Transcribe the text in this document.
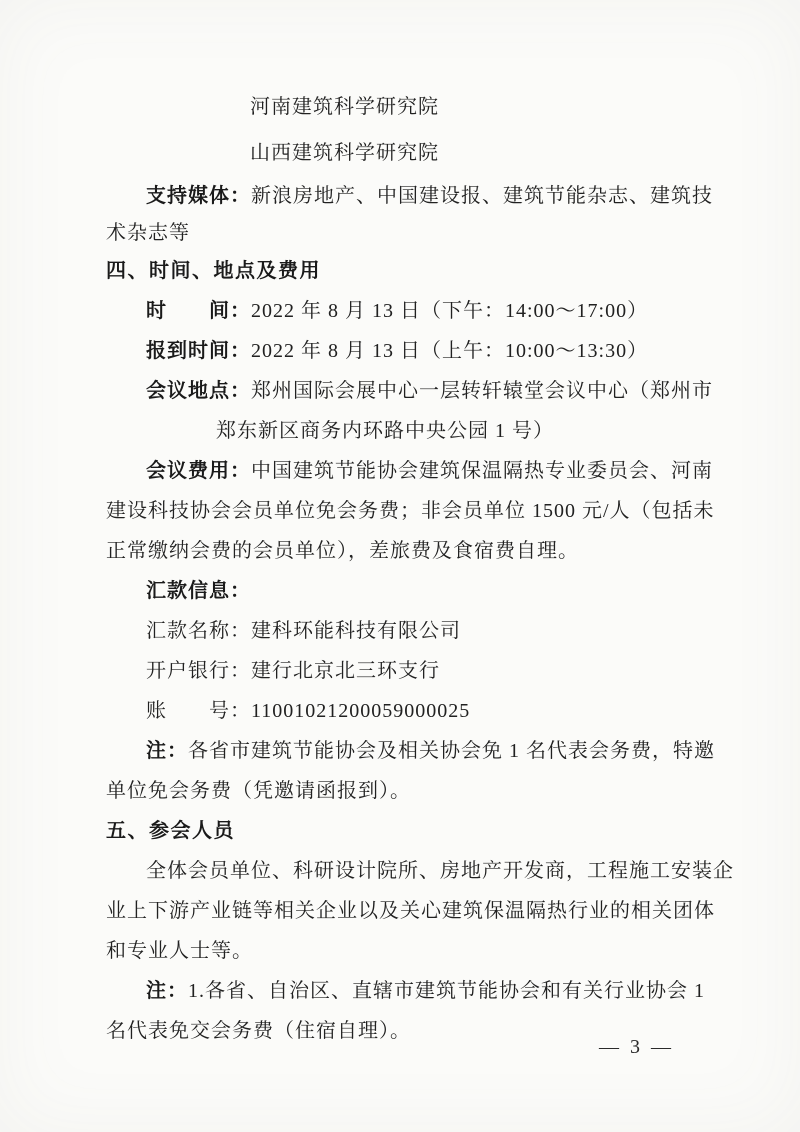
河南建筑科学研究院
山西建筑科学研究院
支持媒体：新浪房地产、中国建设报、建筑节能杂志、建筑技
术杂志等
四、时间、地点及费用
时　　间：2022 年 8 月 13 日（下午：14:00～17:00）
报到时间：2022 年 8 月 13 日（上午：10:00～13:30）
会议地点：郑州国际会展中心一层转轩辕堂会议中心（郑州市
郑东新区商务内环路中央公园 1 号）
会议费用：中国建筑节能协会建筑保温隔热专业委员会、河南
建设科技协会会员单位免会务费；非会员单位 1500 元/人（包括未
正常缴纳会费的会员单位），差旅费及食宿费自理。
汇款信息：
汇款名称：建科环能科技有限公司
开户银行：建行北京北三环支行
账　　号：11001021200059000025
注：各省市建筑节能协会及相关协会免 1 名代表会务费，特邀
单位免会务费（凭邀请函报到）。
五、参会人员
全体会员单位、科研设计院所、房地产开发商，工程施工安装企
业上下游产业链等相关企业以及关心建筑保温隔热行业的相关团体
和专业人士等。
注：1.各省、自治区、直辖市建筑节能协会和有关行业协会 1
名代表免交会务费（住宿自理）。
— 3 —
